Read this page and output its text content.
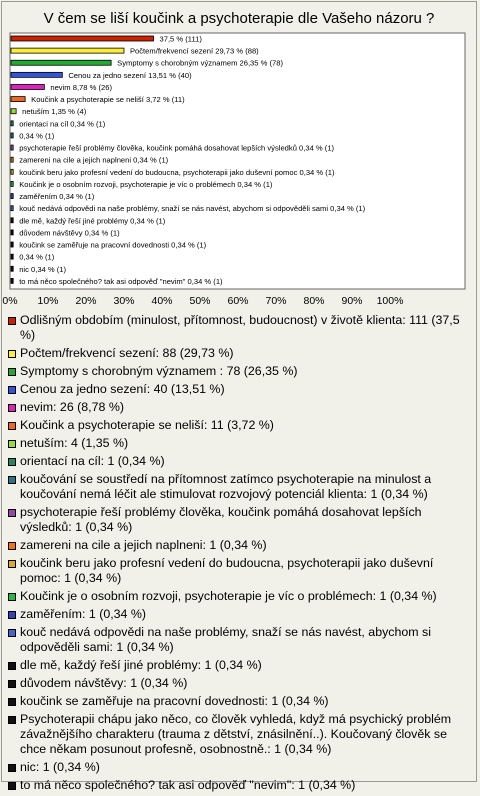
V čem se liší koučink a psychoterapie dle Vašeho názoru ?
37,5 % (111)
Počtem/frekvencí sezení 29,73 % (88)
Symptomy s chorobným významem 26,35 % (78)
Cenou za jedno sezení 13,51 % (40)
nevim 8,78 % (26)
Koučink a psychoterapie se neliší 3,72 % (11)
netuším 1,35 % (4)
orientaci na cíl 0,34 % (1)
0,34 % (1)
psychoterapie řeší problémy člověka, koučink pomáhá dosahovat lepších výsledků 0,34 % (1)
zamereni na cile a jejich naplneni 0,34 % (1)
koučink beru jako profesní vedení do budoucna, psychoterapii jako duševní pomoc 0,34 % (1)
Koučink je o osobním rozvoji, psychoterapie je víc o problémech 0,34 % (1)
zaměřením 0,34 % (1)
kouč nedává odpovědi na naše problémy, snaží se nás navést, abychom si odpověděli sami 0,34 % (1)
dle mě, každý řeší jiné problémy 0,34 % (1)
důvodem návštěvy 0,34 % (1)
koučink se zaměřuje na pracovní dovednosti 0,34 % (1)
0,34 % (1)
nic 0,34 % (1)
to má něco společného? tak asi odpověď "nevim" 0,34 % (1)
0% 10% 20% 30% 40% 50% 60% 70% 80% 90% 100%
Odlišným obdobím (minulost, přítomnost, budoucnost) v životě klienta: 111 (37,5 %)
Počtem/frekvencí sezení: 88 (29,73 %)
Symptomy s chorobným významem : 78 (26,35 %)
Cenou za jedno sezení: 40 (13,51 %)
nevim: 26 (8,78 %)
Koučink a psychoterapie se neliší: 11 (3,72 %)
netuším: 4 (1,35 %)
orientací na cíl: 1 (0,34 %)
koučování se soustředí na přítomnost zatímco psychoterapie na minulost a koučování nemá léčit ale stimulovat rozvojový potenciál klienta: 1 (0,34 %)
psychoterapie řeší problémy člověka, koučink pomáhá dosahovat lepších výsledků: 1 (0,34 %)
zamereni na cile a jejich naplneni: 1 (0,34 %)
koučink beru jako profesní vedení do budoucna, psychoterapii jako duševní pomoc: 1 (0,34 %)
Koučink je o osobním rozvoji, psychoterapie je víc o problémech: 1 (0,34 %)
zaměřením: 1 (0,34 %)
kouč nedává odpovědi na naše problémy, snaží se nás navést, abychom si odpověděli sami: 1 (0,34 %)
dle mě, každý řeší jiné problémy: 1 (0,34 %)
důvodem návštěvy: 1 (0,34 %)
koučink se zaměřuje na pracovní dovednosti: 1 (0,34 %)
Psychoterapii chápu jako něco, co člověk vyhledá, když má psychický problém závažnějšího charakteru (trauma z dětství, znásilnění..). Koučovaný člověk se chce někam posunout profesně, osobnostně.: 1 (0,34 %)
nic: 1 (0,34 %)
to má něco společného? tak asi odpověď "nevim": 1 (0,34 %)
